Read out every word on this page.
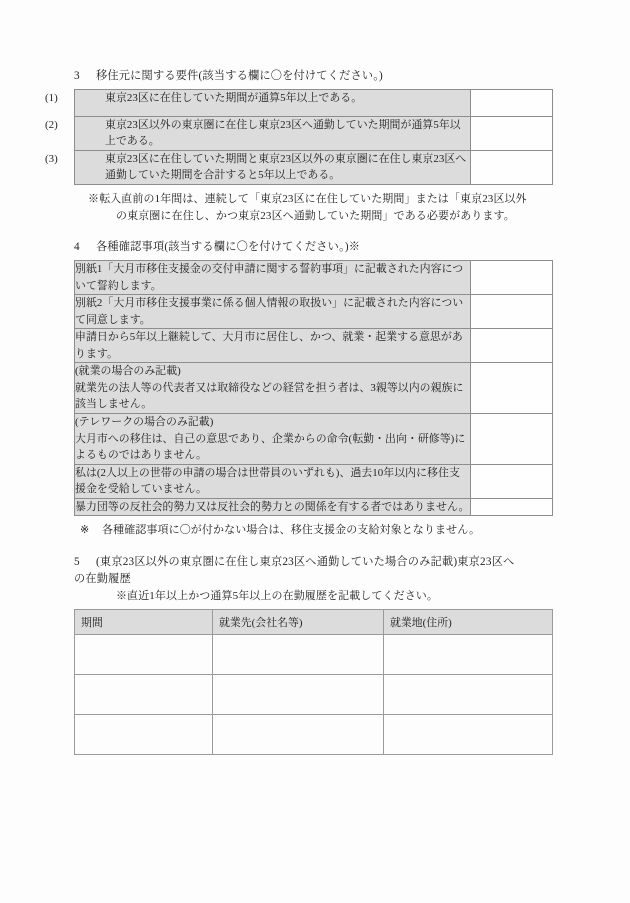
3 移住元に関する要件(該当する欄に〇を付けてください。)
(1) 東京23区に在住していた期間が通算5年以上である。	

(2) 東京23区以外の東京圏に在住し東京23区へ通勤していた期間が通算5年以上である。	

(3) 東京23区に在住していた期間と東京23区以外の東京圏に在住し東京23区へ通勤していた期間を合計すると5年以上である。	

※転入直前の1年間は、連続して「東京23区に在住していた期間」または「東京23区以外
の東京圏に在住し、かつ東京23区へ通勤していた期間」である必要があります。
4 各種確認事項(該当する欄に〇を付けてください。)※
別紙1「大月市移住支援金の交付申請に関する誓約事項」に記載された内容について誓約します。	
別紙2「大月市移住支援事業に係る個人情報の取扱い」に記載された内容について同意します。	
申請日から5年以上継続して、大月市に居住し、かつ、就業・起業する意思があります。	

(就業の場合のみ記載)
就業先の法人等の代表者又は取締役などの経営を担う者は、3親等以内の親族に該当しません。	

(テレワークの場合のみ記載)
大月市への移住は、自己の意思であり、企業からの命令(転勤・出向・研修等)によるものではありません。	

私は(2人以上の世帯の申請の場合は世帯員のいずれも)、過去10年以内に移住支援金を受給していません。	
暴力団等の反社会的勢力又は反社会的勢力との関係を有する者ではありません。	
※ 各種確認事項に〇が付かない場合は、移住支援金の支給対象となりません。
5 (東京23区以外の東京圏に在住し東京23区へ通勤していた場合のみ記載)東京23区へ
の在勤履歴
※直近1年以上かつ通算5年以上の在勤履歴を記載してください。
期間	就業先(会社名等)	就業地(住所)
